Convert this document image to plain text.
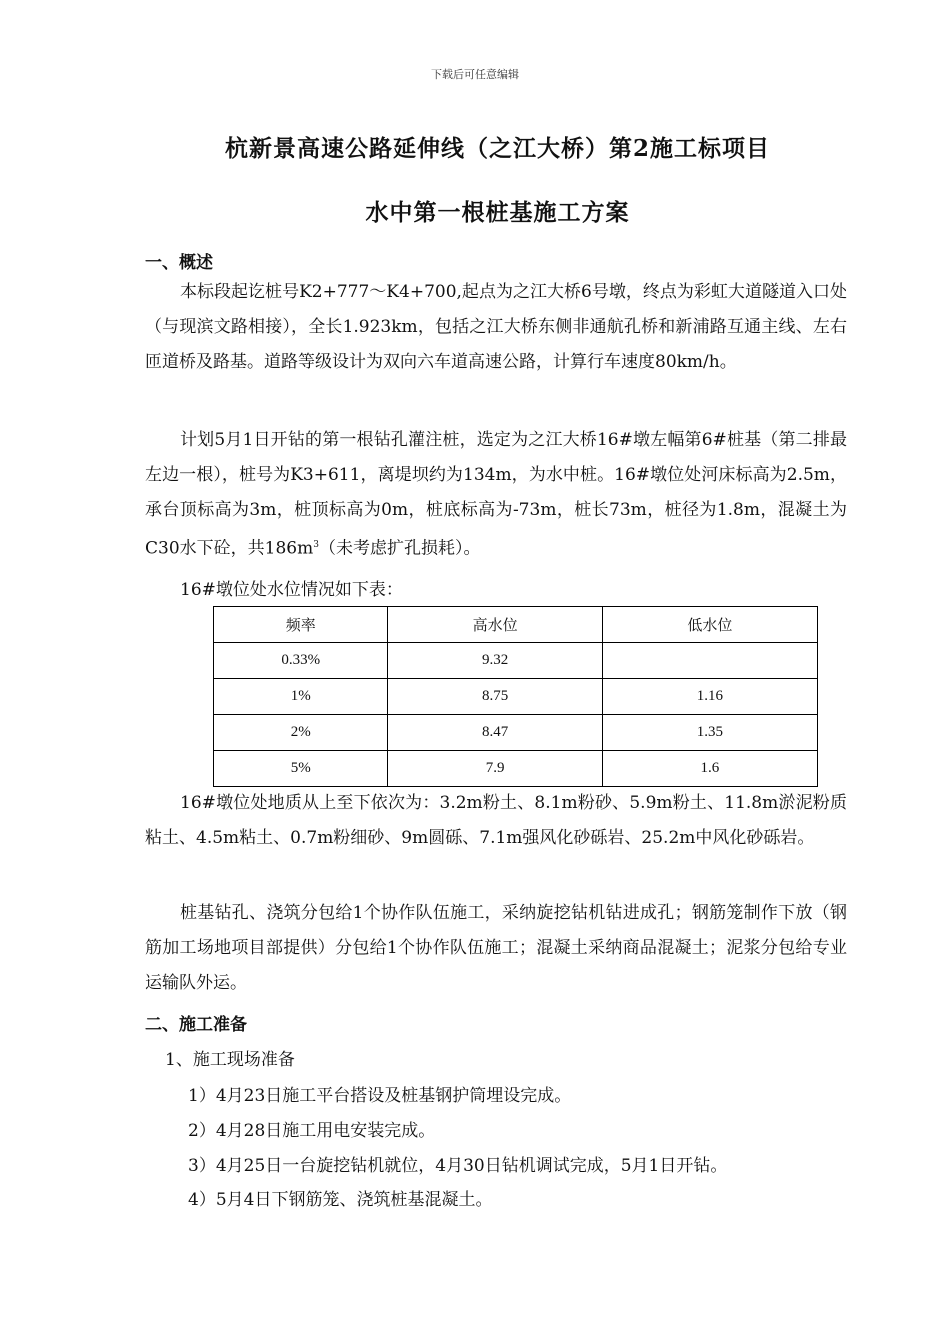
下载后可任意编辑
杭新景高速公路延伸线（之江大桥）第2施工标项目
水中第一根桩基施工方案
一、概述
本标段起讫桩号K2+777～K4+700,起点为之江大桥6号墩，终点为彩虹大道隧道入口处（与现滨文路相接），全长1.923km，包括之江大桥东侧非通航孔桥和新浦路互通主线、左右匝道桥及路基。道路等级设计为双向六车道高速公路，计算行车速度80km/h。
计划5月1日开钻的第一根钻孔灌注桩，选定为之江大桥16#墩左幅第6#桩基（第二排最左边一根），桩号为K3+611，离堤坝约为134m，为水中桩。16#墩位处河床标高为2.5m，承台顶标高为3m，桩顶标高为0m，桩底标高为-73m，桩长73m，桩径为1.8m，混凝土为C30水下砼，共$186m^3$（未考虑扩孔损耗）。
16#墩位处水位情况如下表：
频率	高水位	低水位
0.33%	9.32	
1%	8.75	1.16
2%	8.47	1.35
5%	7.9	1.6
16#墩位处地质从上至下依次为：3.2m粉土、8.1m粉砂、5.9m粉土、11.8m淤泥粉质粘土、4.5m粘土、0.7m粉细砂、9m圆砾、7.1m强风化砂砾岩、25.2m中风化砂砾岩。
桩基钻孔、浇筑分包给1个协作队伍施工，采纳旋挖钻机钻进成孔；钢筋笼制作下放（钢筋加工场地项目部提供）分包给1个协作队伍施工；混凝土采纳商品混凝土；泥浆分包给专业运输队外运。
二、施工准备
1、施工现场准备
1）4月23日施工平台搭设及桩基钢护筒埋设完成。
2）4月28日施工用电安装完成。
3）4月25日一台旋挖钻机就位，4月30日钻机调试完成，5月1日开钻。
4）5月4日下钢筋笼、浇筑桩基混凝土。
